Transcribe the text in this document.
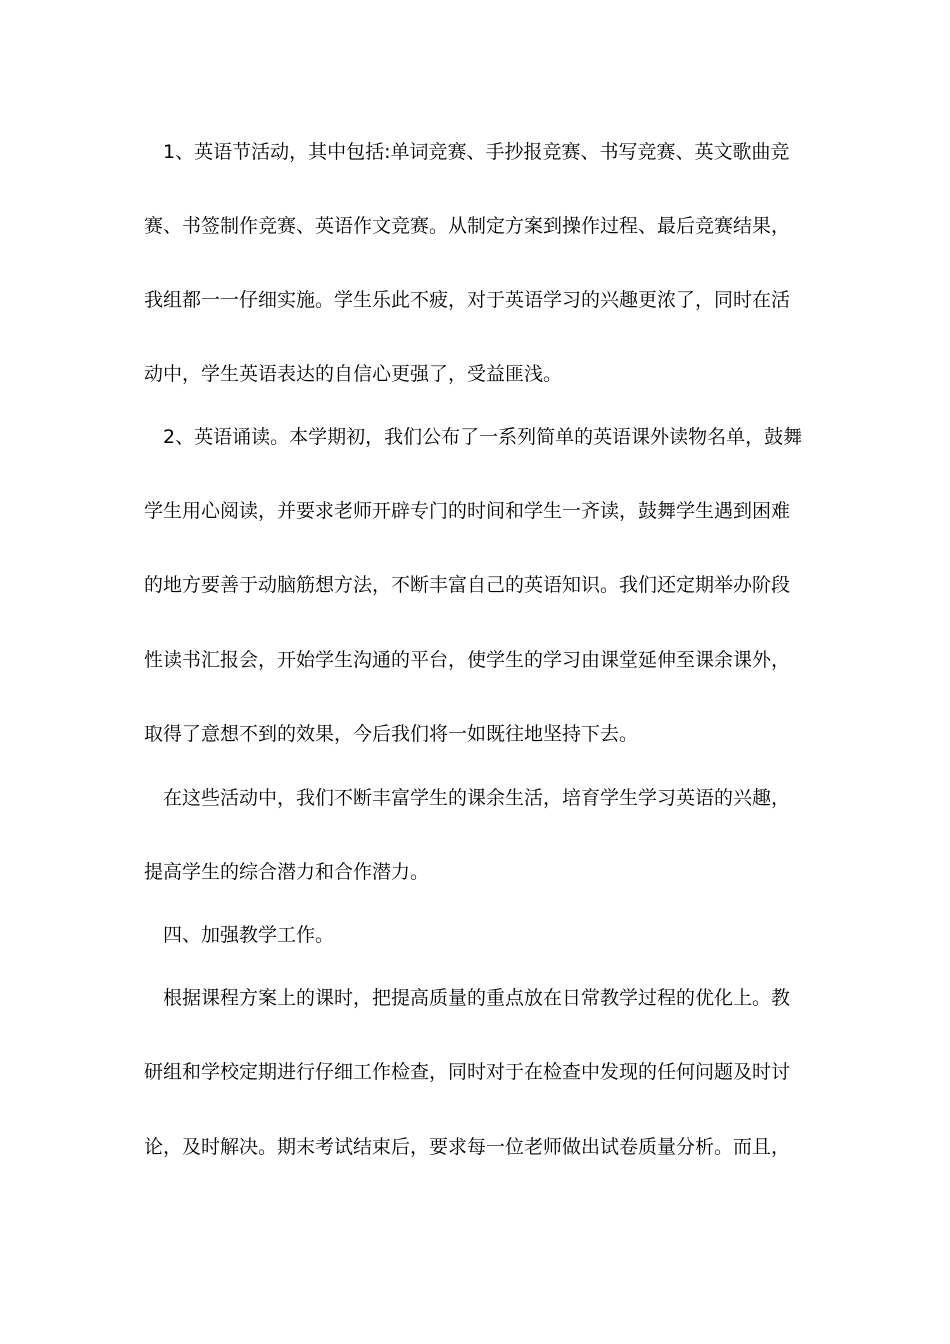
1、英语节活动，其中包括:单词竞赛、手抄报竞赛、书写竞赛、英文歌曲竞
赛、书签制作竞赛、英语作文竞赛。从制定方案到操作过程、最后竞赛结果，
我组都一一仔细实施。学生乐此不疲，对于英语学习的兴趣更浓了，同时在活
动中，学生英语表达的自信心更强了，受益匪浅。
2、英语诵读。本学期初，我们公布了一系列简单的英语课外读物名单，鼓舞
学生用心阅读，并要求老师开辟专门的时间和学生一齐读，鼓舞学生遇到困难
的地方要善于动脑筋想方法，不断丰富自己的英语知识。我们还定期举办阶段
性读书汇报会，开始学生沟通的平台，使学生的学习由课堂延伸至课余课外，
取得了意想不到的效果，今后我们将一如既往地坚持下去。
在这些活动中，我们不断丰富学生的课余生活，培育学生学习英语的兴趣，
提高学生的综合潜力和合作潜力。
四、加强教学工作。
根据课程方案上的课时，把提高质量的重点放在日常教学过程的优化上。教
研组和学校定期进行仔细工作检查，同时对于在检查中发现的任何问题及时讨
论，及时解决。期末考试结束后，要求每一位老师做出试卷质量分析。而且，
